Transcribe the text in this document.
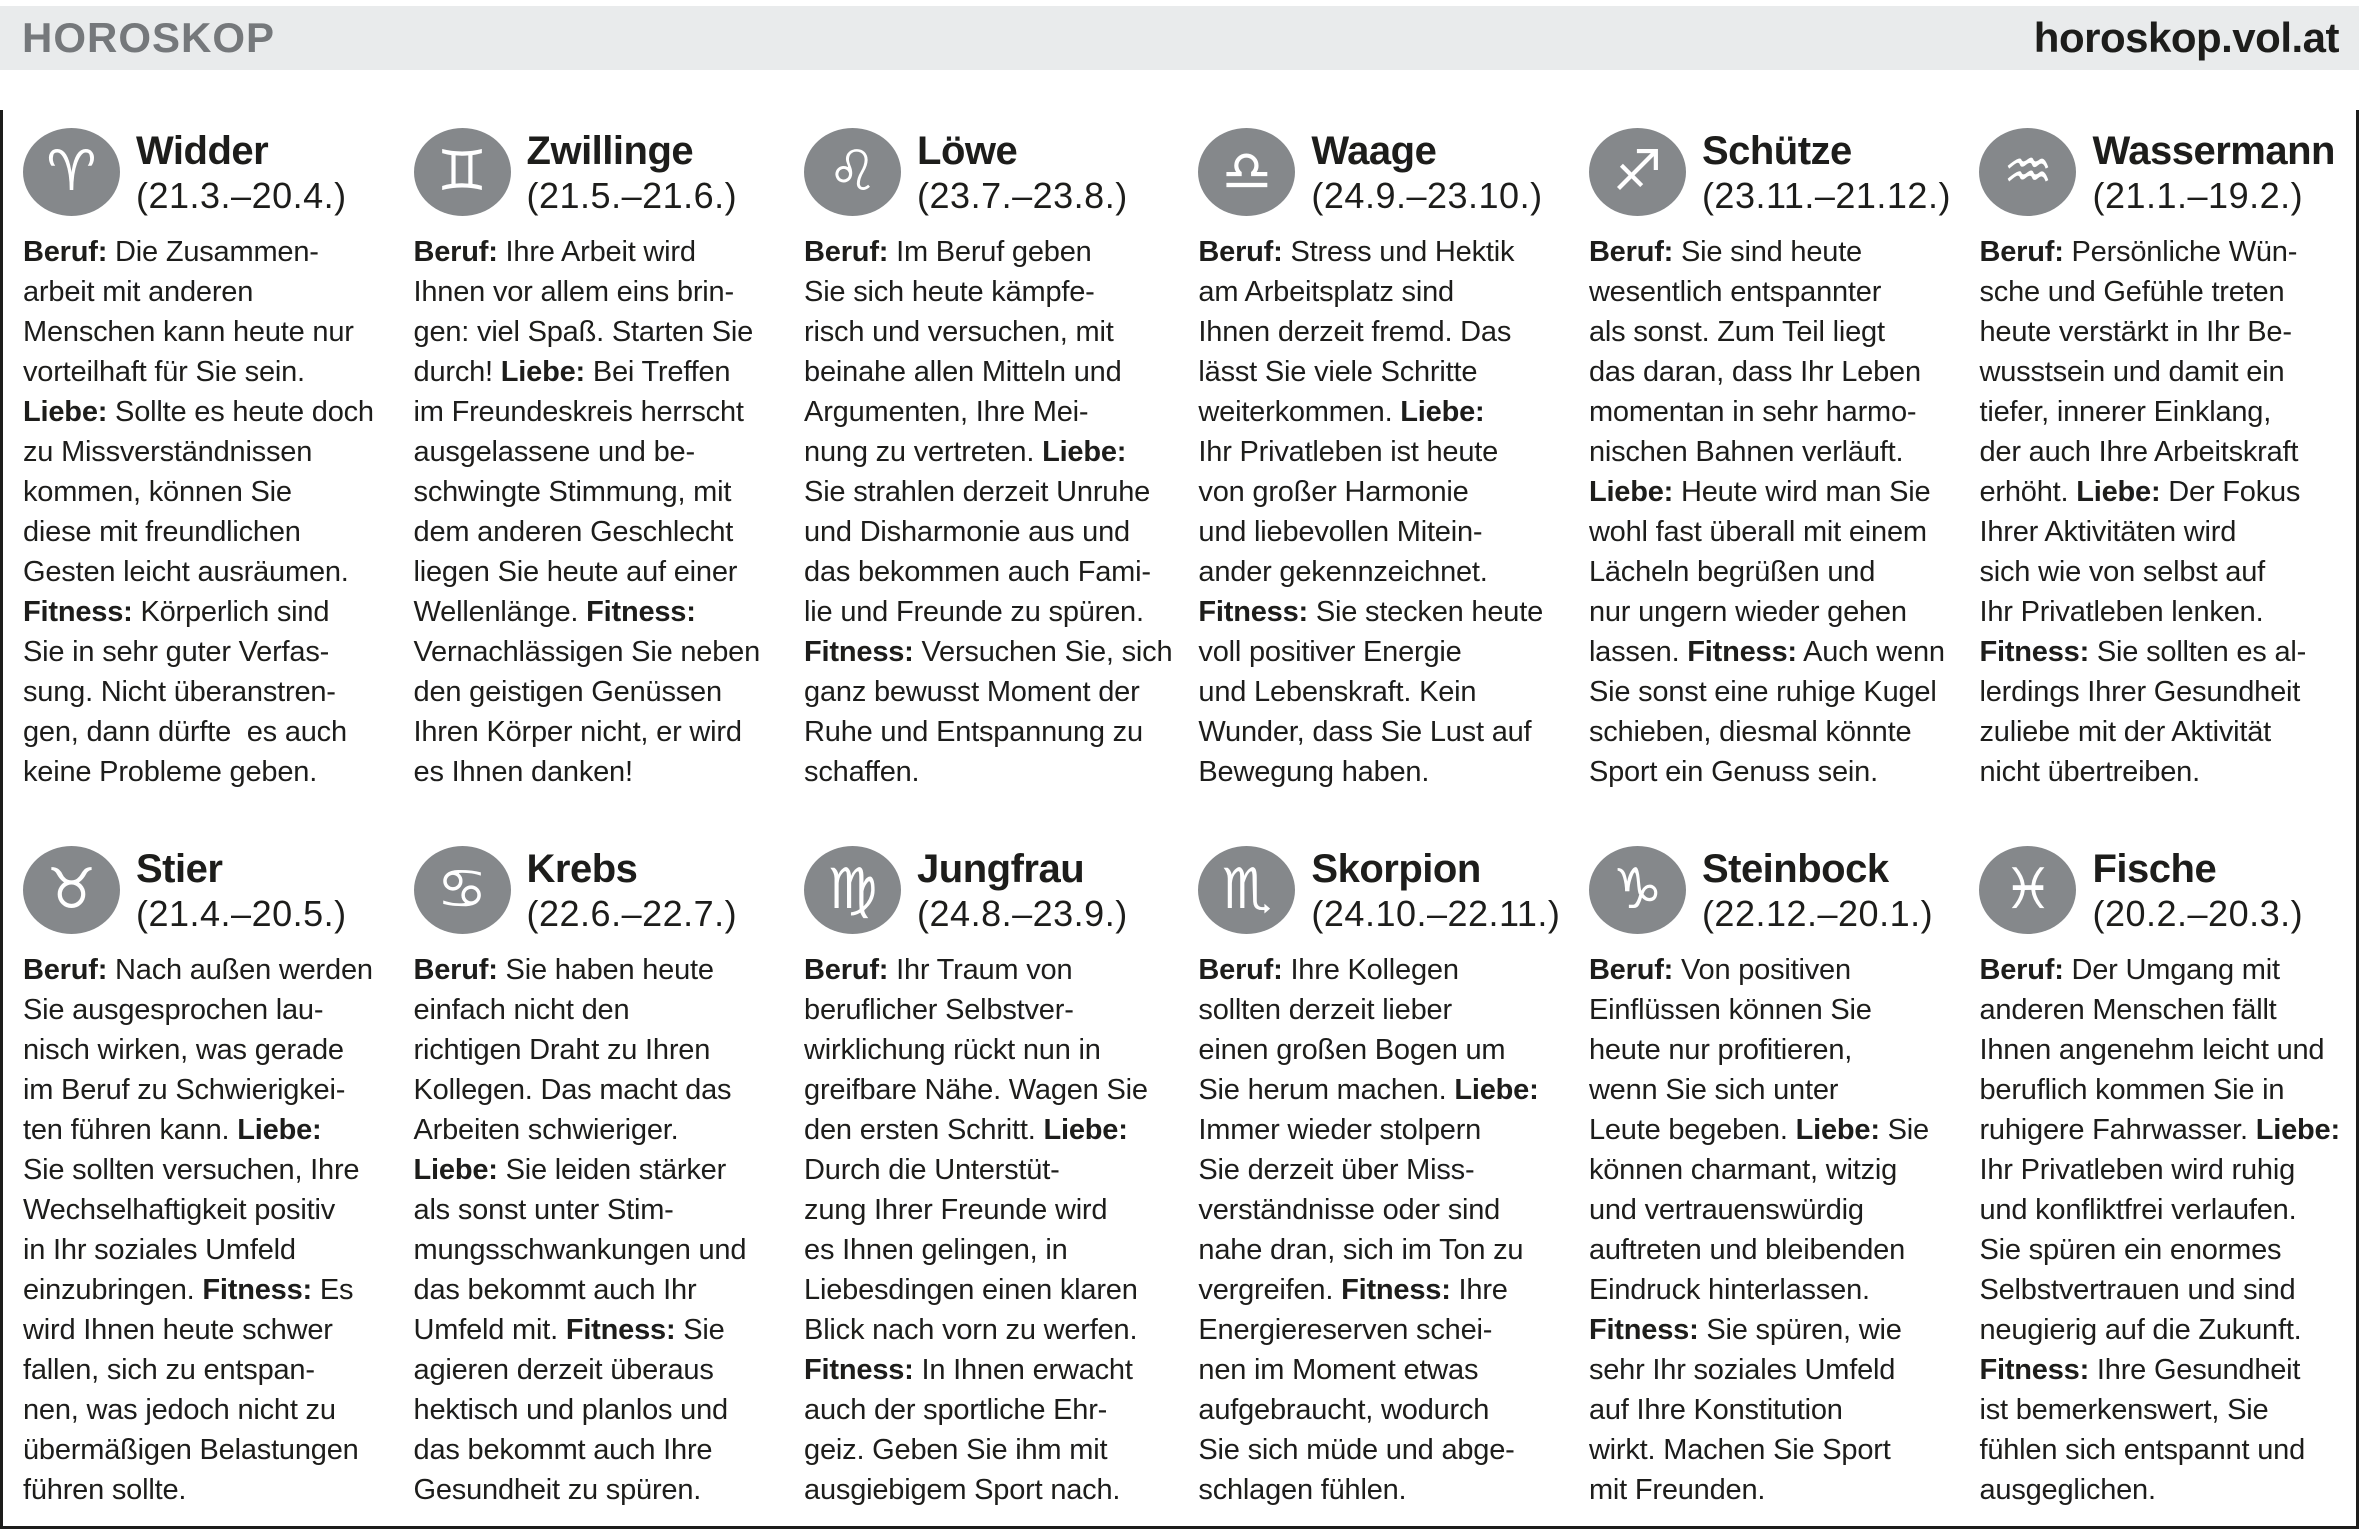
HOROSKOP	horoskop.vol.at
♈ Widder
(21.3.–20.4.)
Beruf: Die Zusammen-
arbeit mit anderen
Menschen kann heute nur
vorteilhaft für Sie sein.
Liebe: Sollte es heute doch
zu Missverständnissen
kommen, können Sie
diese mit freundlichen
Gesten leicht ausräumen.
Fitness: Körperlich sind
Sie in sehr guter Verfas-
sung. Nicht überanstren-
gen, dann dürfte  es auch
keine Probleme geben.
♊ Zwillinge
(21.5.–21.6.)
Beruf: Ihre Arbeit wird
Ihnen vor allem eins brin-
gen: viel Spaß. Starten Sie
durch! Liebe: Bei Treffen
im Freundeskreis herrscht
ausgelassene und be-
schwingte Stimmung, mit
dem anderen Geschlecht
liegen Sie heute auf einer
Wellenlänge. Fitness:
Vernachlässigen Sie neben
den geistigen Genüssen
Ihren Körper nicht, er wird
es Ihnen danken!
♌ Löwe
(23.7.–23.8.)
Beruf: Im Beruf geben
Sie sich heute kämpfe-
risch und versuchen, mit
beinahe allen Mitteln und
Argumenten, Ihre Mei-
nung zu vertreten. Liebe:
Sie strahlen derzeit Unruhe
und Disharmonie aus und
das bekommen auch Fami-
lie und Freunde zu spüren.
Fitness: Versuchen Sie, sich
ganz bewusst Moment der
Ruhe und Entspannung zu
schaffen.
♎ Waage
(24.9.–23.10.)
Beruf: Stress und Hektik
am Arbeitsplatz sind
Ihnen derzeit fremd. Das
lässt Sie viele Schritte
weiterkommen. Liebe:
Ihr Privatleben ist heute
von großer Harmonie
und liebevollen Mitein-
ander gekennzeichnet.
Fitness: Sie stecken heute
voll positiver Energie
und Lebenskraft. Kein
Wunder, dass Sie Lust auf
Bewegung haben.
♐ Schütze
(23.11.–21.12.)
Beruf: Sie sind heute
wesentlich entspannter
als sonst. Zum Teil liegt
das daran, dass Ihr Leben
momentan in sehr harmo-
nischen Bahnen verläuft.
Liebe: Heute wird man Sie
wohl fast überall mit einem
Lächeln begrüßen und
nur ungern wieder gehen
lassen. Fitness: Auch wenn
Sie sonst eine ruhige Kugel
schieben, diesmal könnte
Sport ein Genuss sein.
♒ Wassermann
(21.1.–19.2.)
Beruf: Persönliche Wün-
sche und Gefühle treten
heute verstärkt in Ihr Be-
wusstsein und damit ein
tiefer, innerer Einklang,
der auch Ihre Arbeitskraft
erhöht. Liebe: Der Fokus
Ihrer Aktivitäten wird
sich wie von selbst auf
Ihr Privatleben lenken.
Fitness: Sie sollten es al-
lerdings Ihrer Gesundheit
zuliebe mit der Aktivität
nicht übertreiben.
♉ Stier
(21.4.–20.5.)
Beruf: Nach außen werden
Sie ausgesprochen lau-
nisch wirken, was gerade
im Beruf zu Schwierigkei-
ten führen kann. Liebe:
Sie sollten versuchen, Ihre
Wechselhaftigkeit positiv
in Ihr soziales Umfeld
einzubringen. Fitness: Es
wird Ihnen heute schwer
fallen, sich zu entspan-
nen, was jedoch nicht zu
übermäßigen Belastungen
führen sollte.
♋ Krebs
(22.6.–22.7.)
Beruf: Sie haben heute
einfach nicht den
richtigen Draht zu Ihren
Kollegen. Das macht das
Arbeiten schwieriger.
Liebe: Sie leiden stärker
als sonst unter Stim-
mungsschwankungen und
das bekommt auch Ihr
Umfeld mit. Fitness: Sie
agieren derzeit überaus
hektisch und planlos und
das bekommt auch Ihre
Gesundheit zu spüren.
♍ Jungfrau
(24.8.–23.9.)
Beruf: Ihr Traum von
beruflicher Selbstver-
wirklichung rückt nun in
greifbare Nähe. Wagen Sie
den ersten Schritt. Liebe:
Durch die Unterstüt-
zung Ihrer Freunde wird
es Ihnen gelingen, in
Liebesdingen einen klaren
Blick nach vorn zu werfen.
Fitness: In Ihnen erwacht
auch der sportliche Ehr-
geiz. Geben Sie ihm mit
ausgiebigem Sport nach.
♏ Skorpion
(24.10.–22.11.)
Beruf: Ihre Kollegen
sollten derzeit lieber
einen großen Bogen um
Sie herum machen. Liebe:
Immer wieder stolpern
Sie derzeit über Miss-
verständnisse oder sind
nahe dran, sich im Ton zu
vergreifen. Fitness: Ihre
Energiereserven schei-
nen im Moment etwas
aufgebraucht, wodurch
Sie sich müde und abge-
schlagen fühlen.
♑ Steinbock
(22.12.–20.1.)
Beruf: Von positiven
Einflüssen können Sie
heute nur profitieren,
wenn Sie sich unter
Leute begeben. Liebe: Sie
können charmant, witzig
und vertrauenswürdig
auftreten und bleibenden
Eindruck hinterlassen.
Fitness: Sie spüren, wie
sehr Ihr soziales Umfeld
auf Ihre Konstitution
wirkt. Machen Sie Sport
mit Freunden.
♓ Fische
(20.2.–20.3.)
Beruf: Der Umgang mit
anderen Menschen fällt
Ihnen angenehm leicht und
beruflich kommen Sie in
ruhigere Fahrwasser. Liebe:
Ihr Privatleben wird ruhig
und konfliktfrei verlaufen.
Sie spüren ein enormes
Selbstvertrauen und sind
neugierig auf die Zukunft.
Fitness: Ihre Gesundheit
ist bemerkenswert, Sie
fühlen sich entspannt und
ausgeglichen.
